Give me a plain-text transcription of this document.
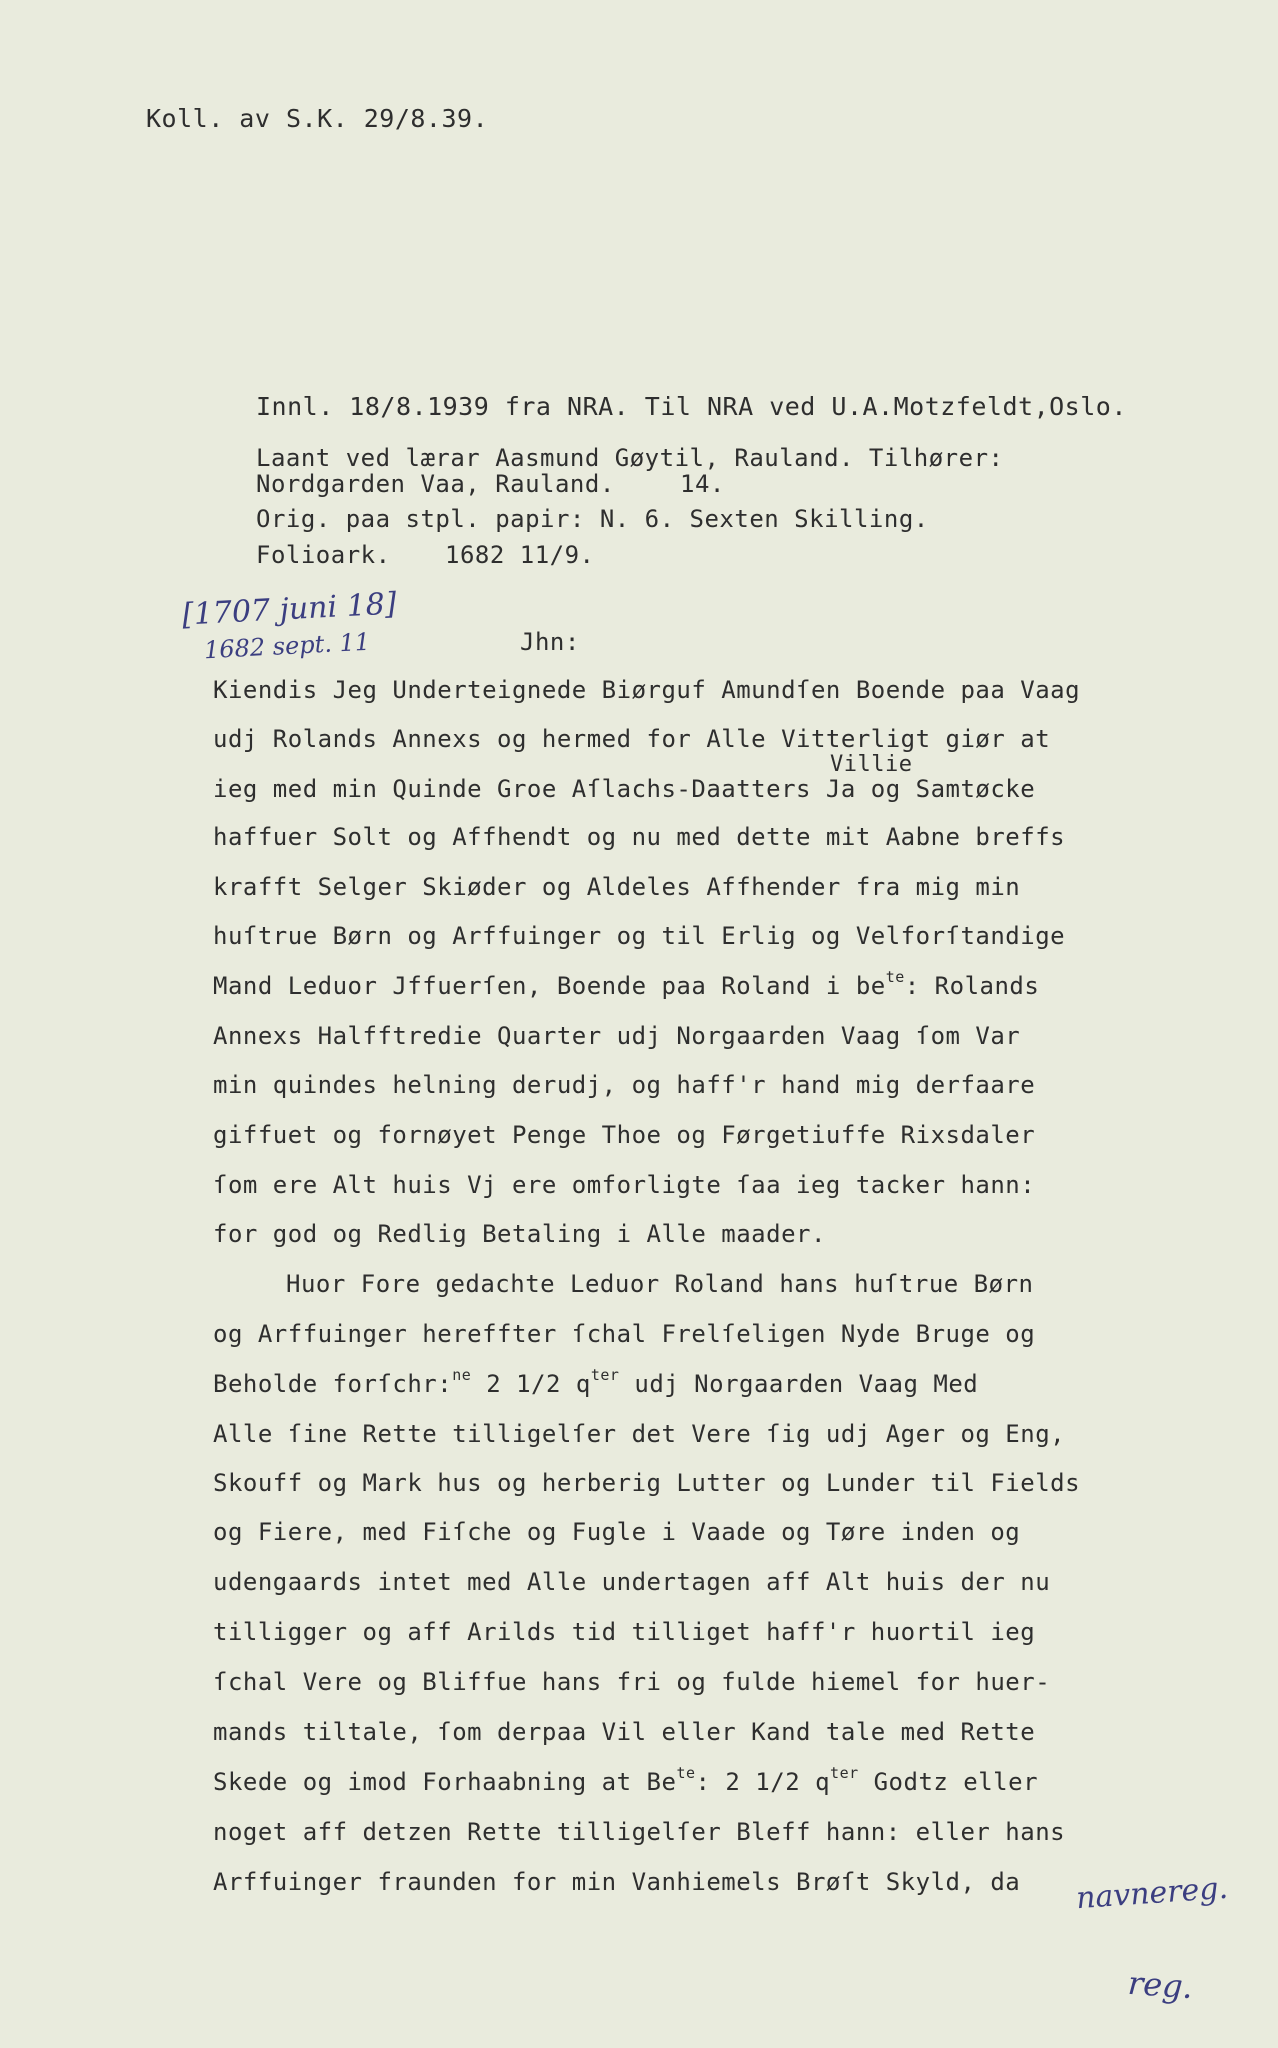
Koll. av S.K. 29/8.39.
Innl. 18/8.1939 fra NRA. Til NRA ved U.A.Motzfeldt,Oslo.
Laant ved lærar Aasmund Gøytil, Rauland. Tilhører:
Nordgarden Vaa, Rauland.	14.
Orig. paa stpl. papir: N. 6. Sexten Skilling.
Folioark. 1682 11/9.
[1707 juni 18]
1682 sept. 11	Jhn:
Kiendis Jeg Underteignede Biørguf Amundſen Boende paa Vaag
udj Rolands Annexs og hermed for Alle Vitterligt giør at
Villie
ieg med min Quinde Groe Aſlachs-Daatters Ja og Samtøcke
haffuer Solt og Affhendt og nu med dette mit Aabne breffs
krafft Selger Skiøder og Aldeles Affhender fra mig min
huſtrue Børn og Arffuinger og til Erlig og Velforſtandige
Mand Leduor Jffuerſen, Boende paa Roland i $be^{te}$: Rolands
Annexs Halfftredie Quarter udj Norgaarden Vaag ſom Var
min quindes helning derudj, og haff'r hand mig derfaare
giffuet og fornøyet Penge Thoe og Førgetiuffe Rixsdaler
ſom ere Alt huis Vj ere omforligte ſaa ieg tacker hann:
for god og Redlig Betaling i Alle maader.
Huor Fore gedachte Leduor Roland hans huſtrue Børn
og Arffuinger hereffter ſchal Frelſeligen Nyde Bruge og
Beholde forſchr:$^{ne}$ 2 1/2 $q^{ter}$ udj Norgaarden Vaag Med
Alle ſine Rette tilligelſer det Vere ſig udj Ager og Eng,
Skouff og Mark hus og herberig Lutter og Lunder til Fields
og Fiere, med Fiſche og Fugle i Vaade og Tøre inden og
udengaards intet med Alle undertagen aff Alt huis der nu
tilligger og aff Arilds tid tilliget haff'r huortil ieg
ſchal Vere og Bliffue hans fri og fulde hiemel for huer-
mands tiltale, ſom derpaa Vil eller Kand tale med Rette
Skede og imod Forhaabning at $Be^{te}$: 2 1/2 $q^{ter}$ Godtz eller
noget aff detzen Rette tilligelſer Bleff hann: eller hans
Arffuinger fraunden for min Vanhiemels Brøſt Skyld, da navnereg.
reg.
